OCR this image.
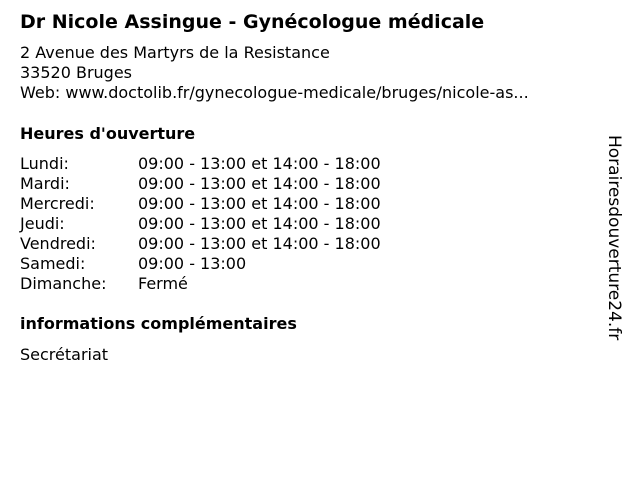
Dr Nicole Assingue - Gynécologue médicale
2 Avenue des Martyrs de la Resistance
33520 Bruges
Web: www.doctolib.fr/gynecologue-medicale/bruges/nicole-as...
Heures d'ouverture
Lundi:	09:00 - 13:00 et 14:00 - 18:00
Mardi:	09:00 - 13:00 et 14:00 - 18:00
Mercredi:	09:00 - 13:00 et 14:00 - 18:00
Jeudi:	09:00 - 13:00 et 14:00 - 18:00
Vendredi:	09:00 - 13:00 et 14:00 - 18:00
Samedi:	09:00 - 13:00
Dimanche:	Fermé
informations complémentaires
Secrétariat
Horairesdouverture24.fr
